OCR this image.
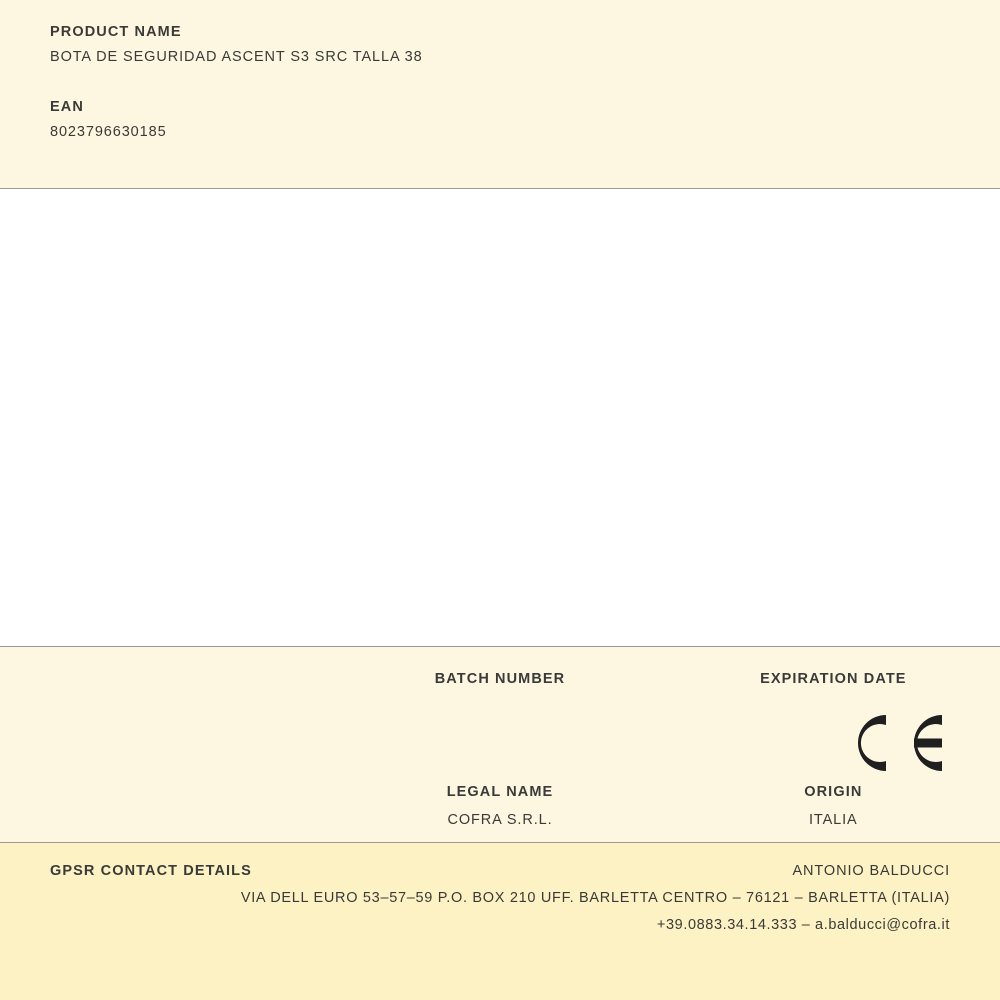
PRODUCT NAME

BOTA DE SEGURIDAD ASCENT S3 SRC TALLA 38

EAN

8023796630185

BATCH NUMBER	EXPIRATION DATE

LEGAL NAME

COFRA S.R.L.

ORIGIN

ITALIA

GPSR CONTACT DETAILS	ANTONIO BALDUCCI
VIA DELL EURO 53–57–59 P.O. BOX 210 UFF. BARLETTA CENTRO – 76121 – BARLETTA (ITALIA)
+39.0883.34.14.333 – a.balducci@cofra.it
